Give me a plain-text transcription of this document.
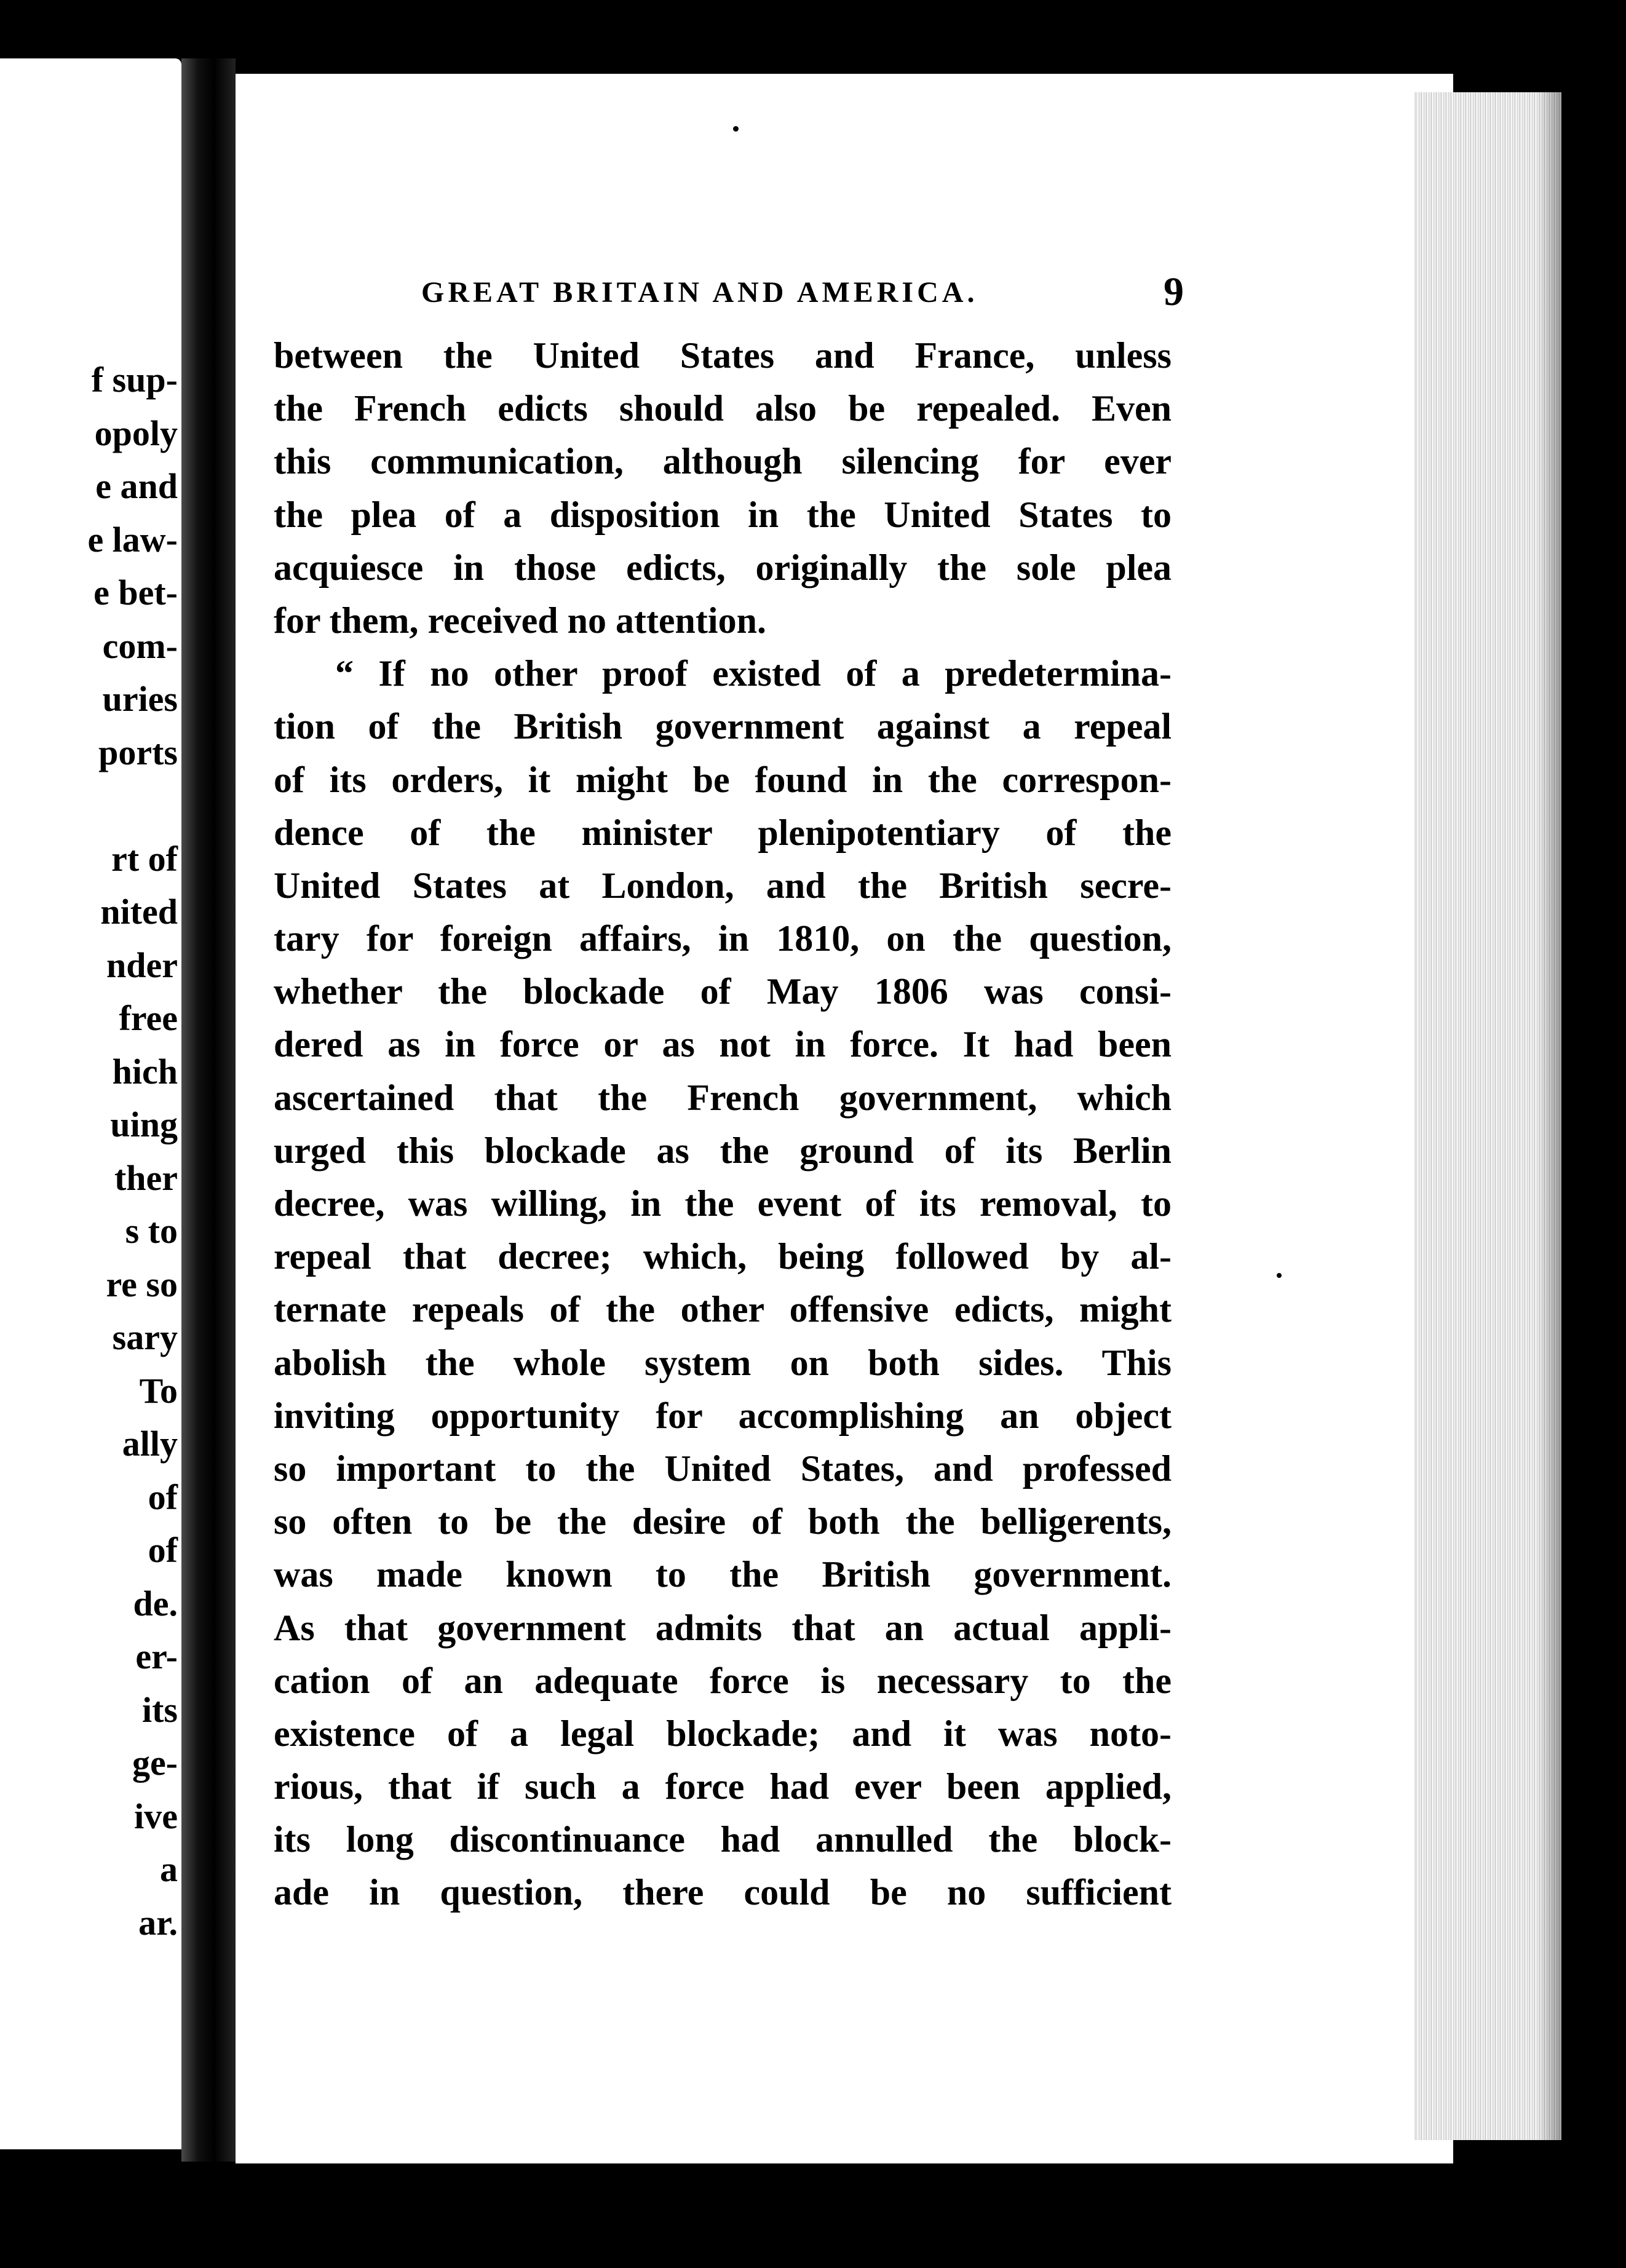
f sup-
opoly
e and
e law-
e bet-
com-
uries
ports
rt of
nited
nder
free
hich
uing
ther
s to
re so
sary
To
ally
of
of
de.
er-
its
ge-
ive
a
ar.
GREAT BRITAIN AND AMERICA.	9
between the United States and France, unless
the French edicts should also be repealed. Even
this communication, although silencing for ever
the plea of a disposition in the United States to
acquiesce in those edicts, originally the sole plea
for them, received no attention.
“ If no other proof existed of a predetermina-
tion of the British government against a repeal
of its orders, it might be found in the correspon-
dence of the minister plenipotentiary of the
United States at London, and the British secre-
tary for foreign affairs, in 1810, on the question,
whether the blockade of May 1806 was consi-
dered as in force or as not in force. It had been
ascertained that the French government, which
urged this blockade as the ground of its Berlin
decree, was willing, in the event of its removal, to
repeal that decree; which, being followed by al-
ternate repeals of the other offensive edicts, might
abolish the whole system on both sides. This
inviting opportunity for accomplishing an object
so important to the United States, and professed
so often to be the desire of both the belligerents,
was made known to the British government.
As that government admits that an actual appli-
cation of an adequate force is necessary to the
existence of a legal blockade; and it was noto-
rious, that if such a force had ever been applied,
its long discontinuance had annulled the block-
ade in question, there could be no sufficient
